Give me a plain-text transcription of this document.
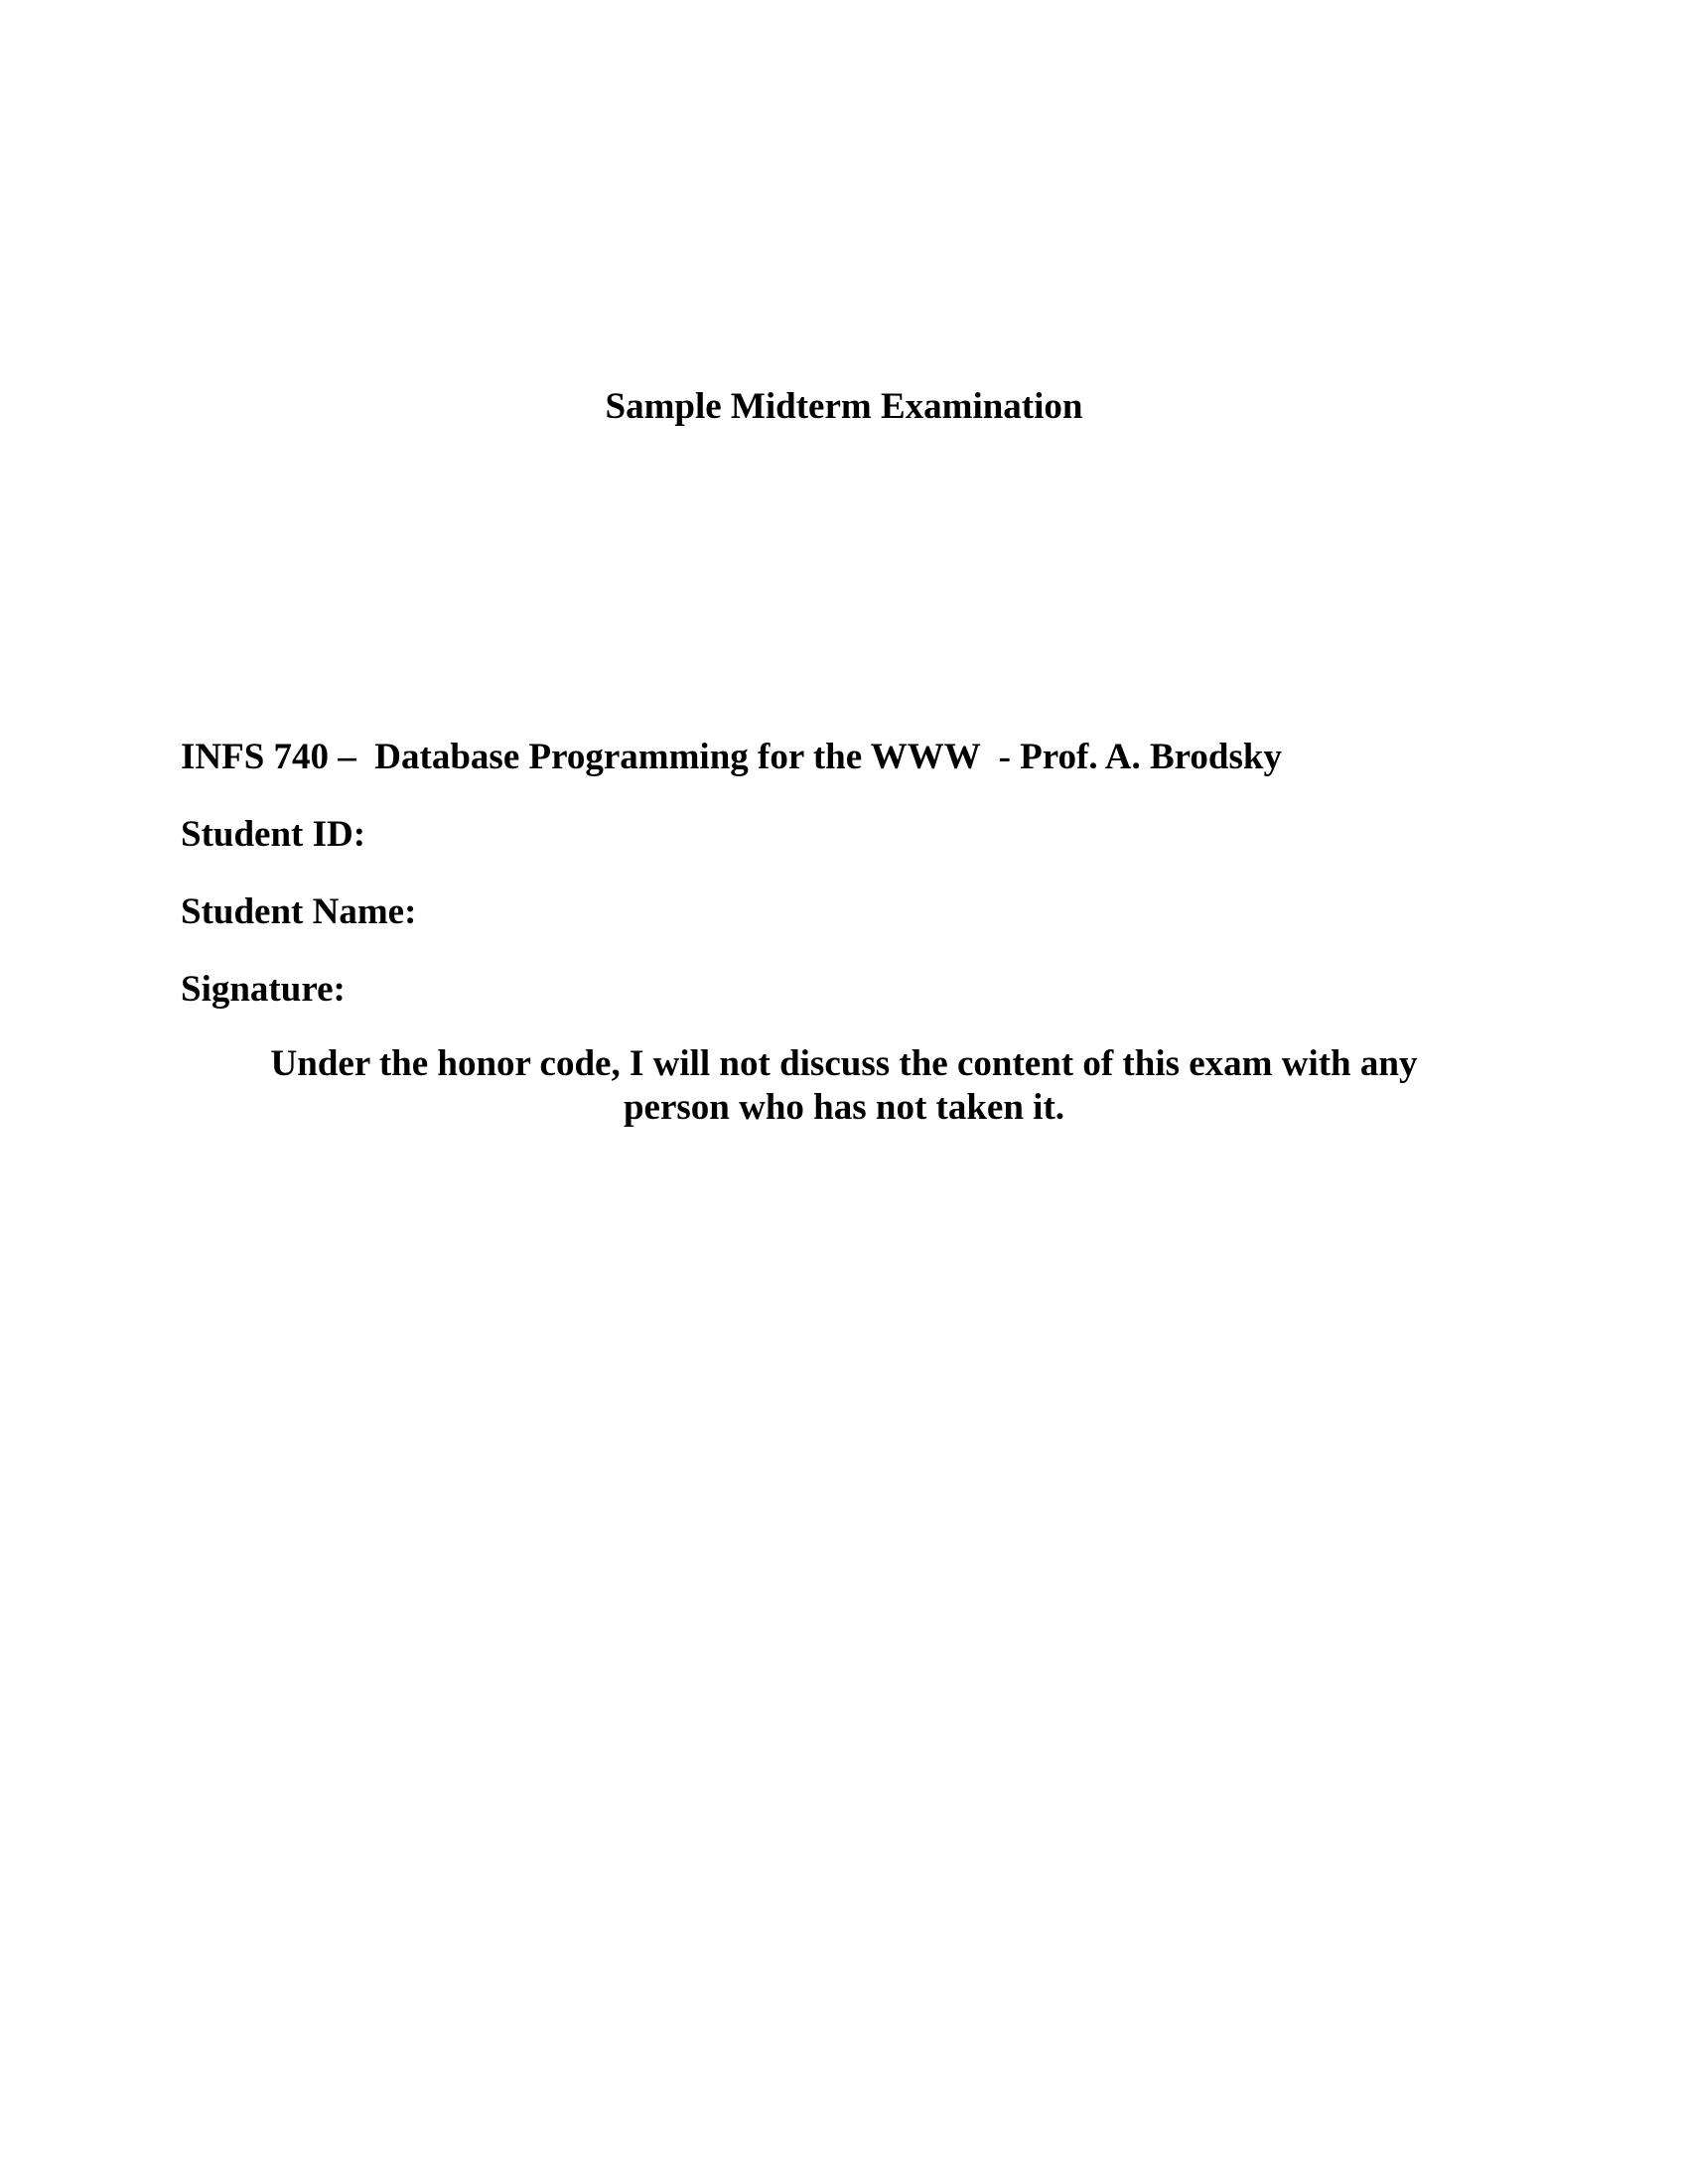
Sample Midterm Examination

INFS 740 –  Database Programming for the WWW  - Prof. A. Brodsky

Student ID:

Student Name:

Signature:

Under the honor code, I will not discuss the content of this exam with any
person who has not taken it.
